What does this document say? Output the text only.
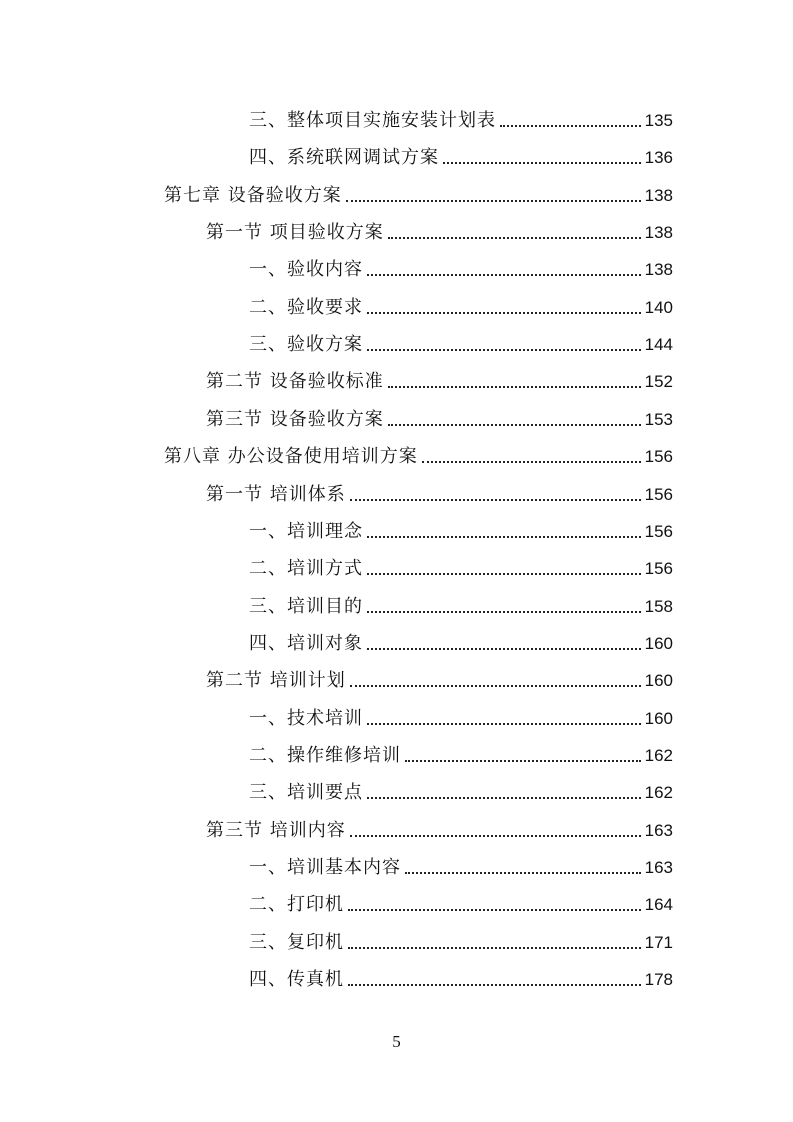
三、整体项目实施安装计划表	135
四、系统联网调试方案	136
第七章 设备验收方案	138
第一节 项目验收方案	138
一、验收内容	138
二、验收要求	140
三、验收方案	144
第二节 设备验收标准	152
第三节 设备验收方案	153
第八章 办公设备使用培训方案	156
第一节 培训体系	156
一、培训理念	156
二、培训方式	156
三、培训目的	158
四、培训对象	160
第二节 培训计划	160
一、技术培训	160
二、操作维修培训	162
三、培训要点	162
第三节 培训内容	163
一、培训基本内容	163
二、打印机	164
三、复印机	171
四、传真机	178
5
